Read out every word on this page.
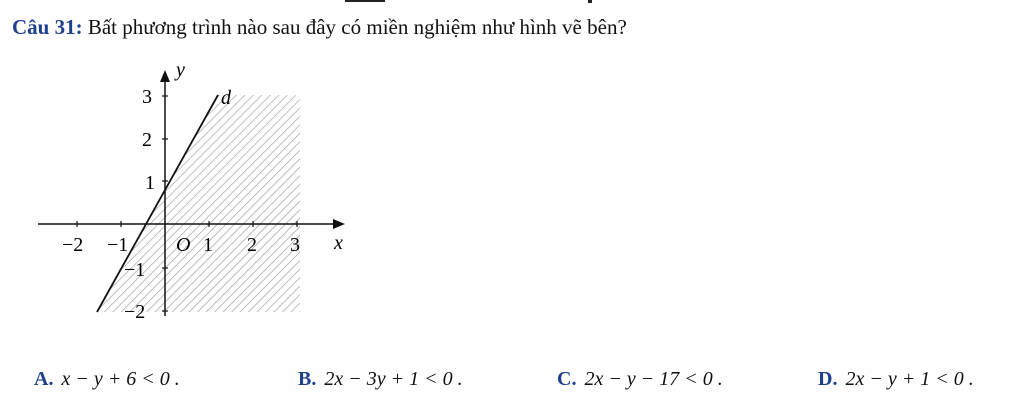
Câu 31: Bất phương trình nào sau đây có miền nghiệm như hình vẽ bên?
y
x
d
O
−2 −1	1 2 3
3
2
1
−1
−2
A. x − y + 6 < 0 .	B. 2x − 3y + 1 < 0 .	C. 2x − y − 17 < 0 .	D. 2x − y + 1 < 0 .
